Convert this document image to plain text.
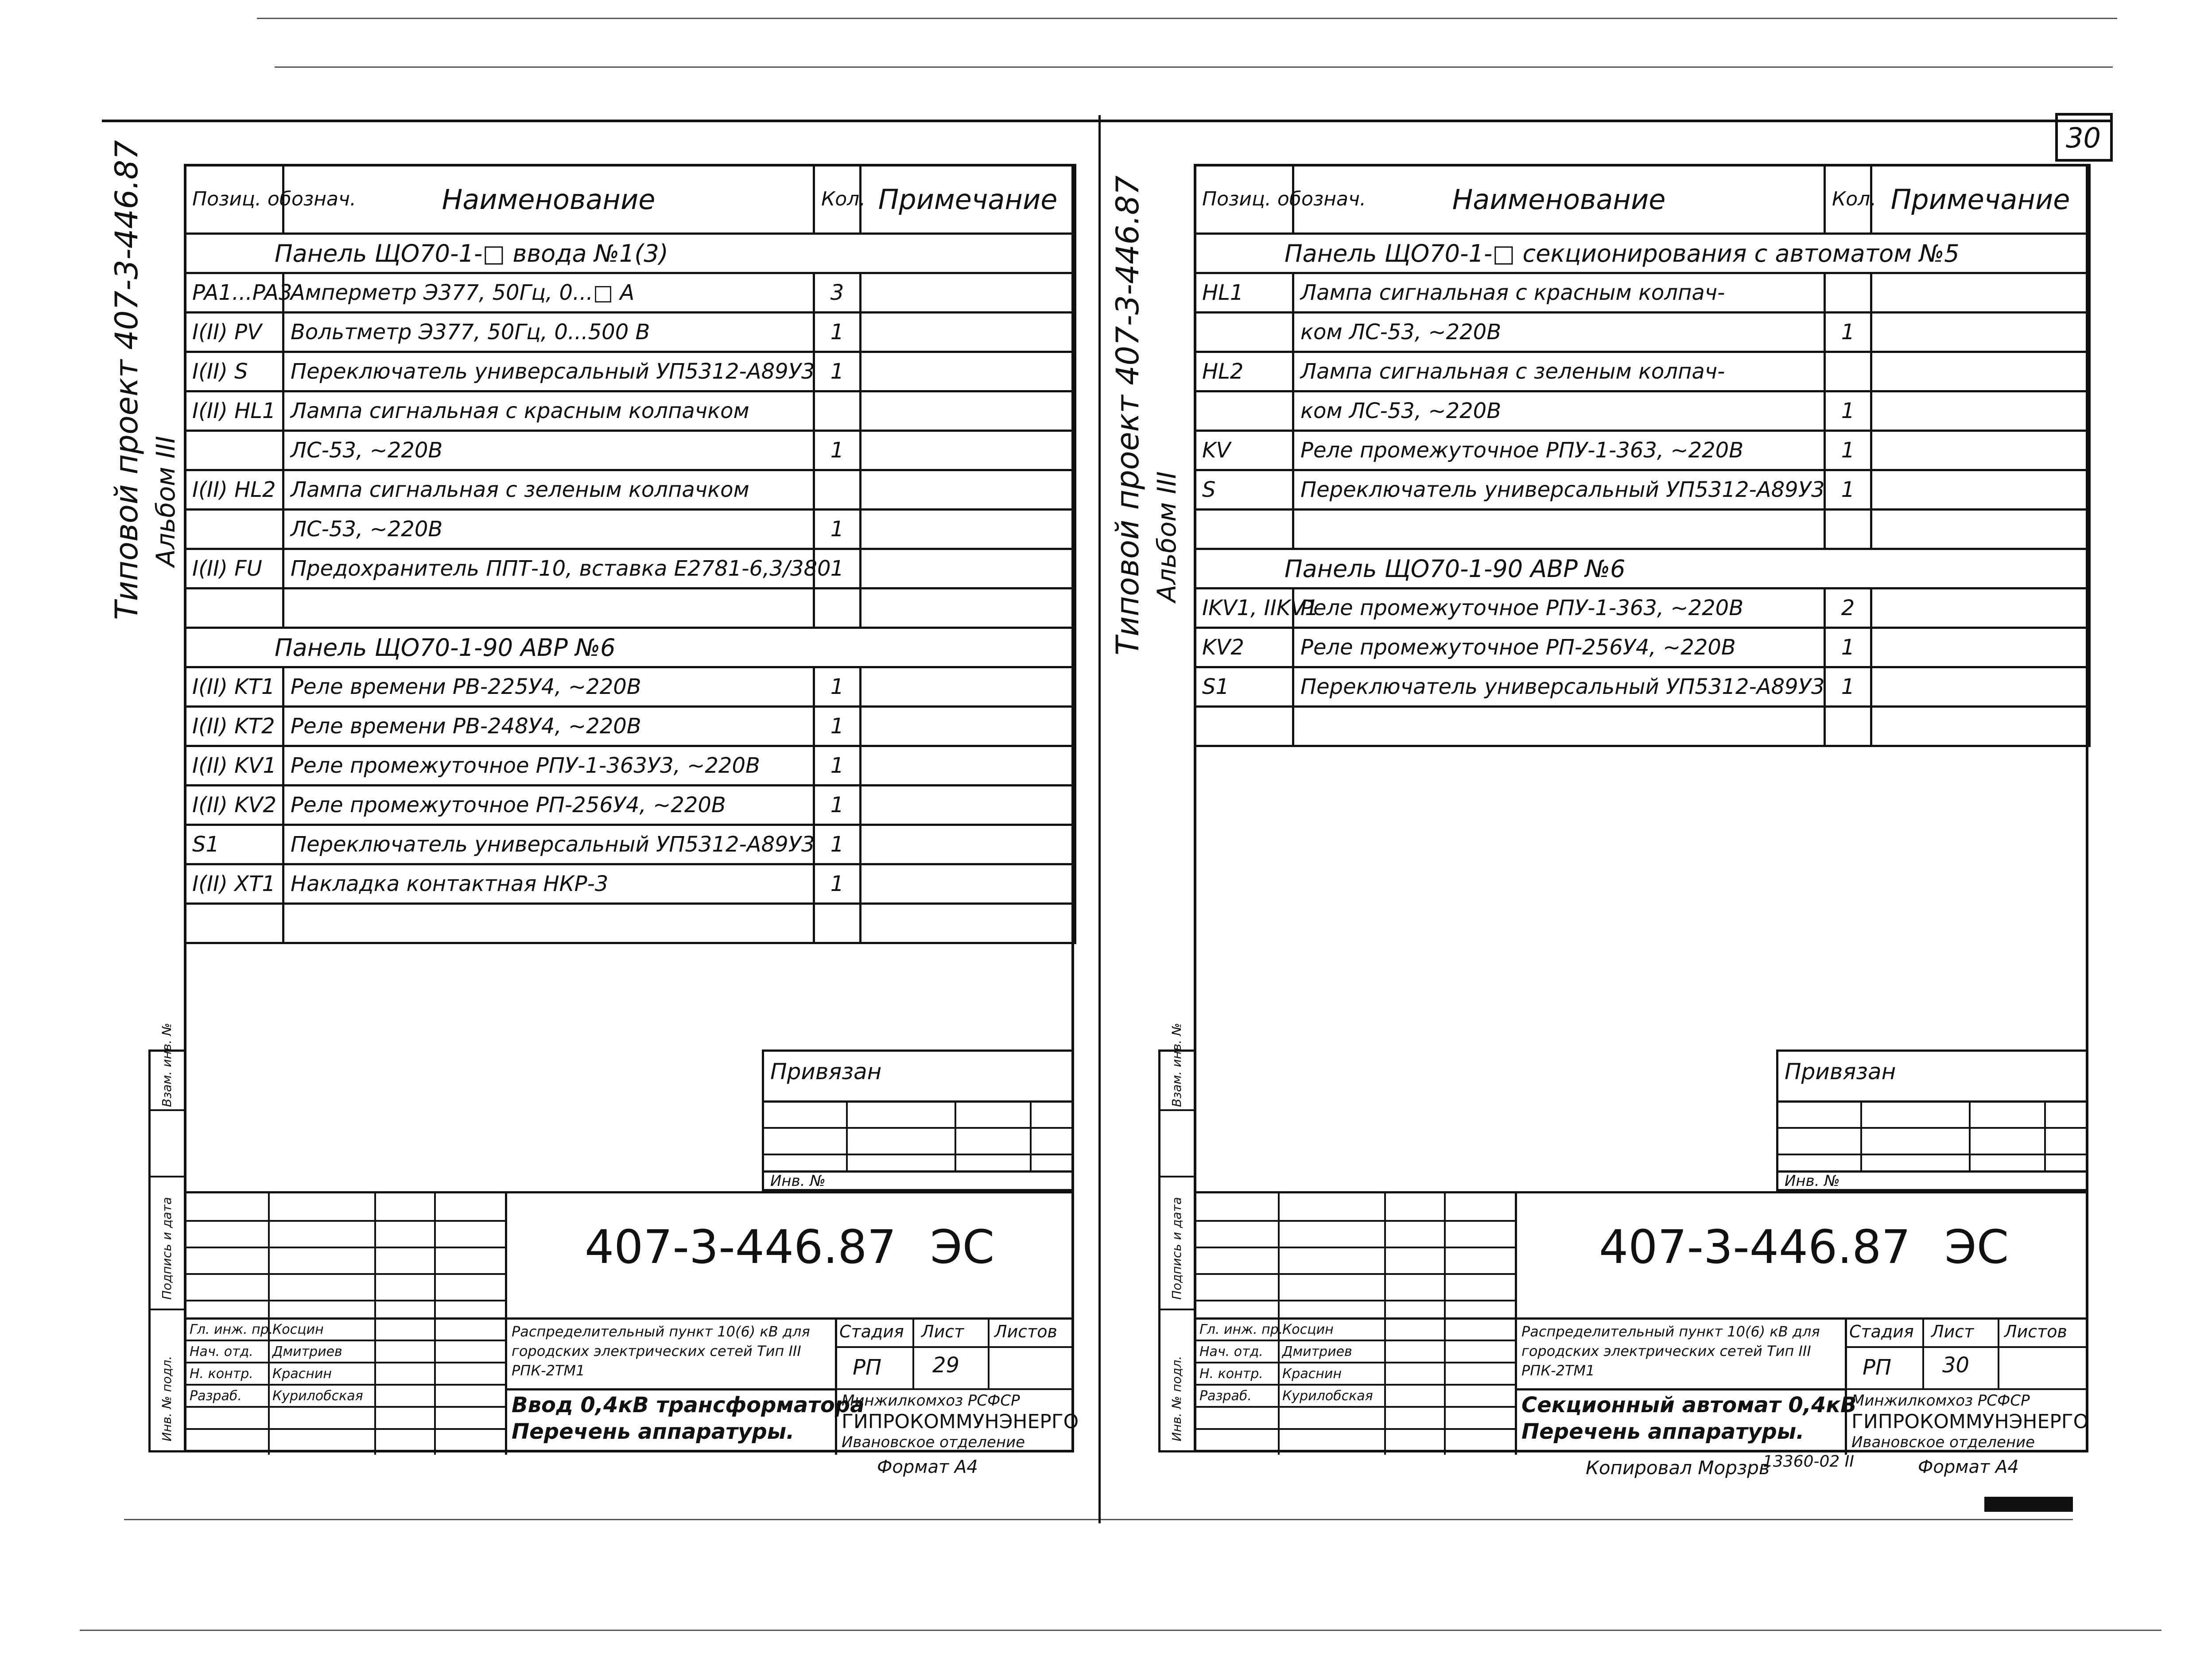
30
Типовой проект 407-3-446.87 Альбом III	Типовой проект 407-3-446.87 Альбом III
Позиц. обознач.	Наименование	Кол.	Примечание
Панель ЩО70-1-□ ввода №1(3)			
PA1...PA3	Амперметр Э377, 50Гц, 0...□ А	3	
I(II) PV	Вольтметр Э377, 50Гц, 0...500 В	1	
I(II) S	Переключатель универсальный УП5312-А89У3	1	
I(II) HL1	Лампа сигнальная с красным колпачком		
	ЛС-53, ~220В	1	
I(II) HL2	Лампа сигнальная с зеленым колпачком		
	ЛС-53, ~220В	1	
I(II) FU	Предохранитель ППТ-10, вставка Е2781-6,3/380	1	

Панель ЩО70-1-90 АВР №6			
I(II) KT1	Реле времени РВ-225У4, ~220В	1	
I(II) KT2	Реле времени РВ-248У4, ~220В	1	
I(II) KV1	Реле промежуточное РПУ-1-363У3, ~220В	1	
I(II) KV2	Реле промежуточное РП-256У4, ~220В	1	
S1	Переключатель универсальный УП5312-А89У3	1	
I(II) XT1	Накладка контактная НКР-3	1	

Привязан
Инв. №
Взам. инв. №
Подпись и дата
Инв. № подл.
407-3-446.87 ЭС
Гл. инж. пр.
Косцин
Нач. отд. Дмитриев
Н. контр. Краснин
Разраб. Курилобская
Распределительный пункт 10(6) кВ для городских электрических сетей Тип III РПК-2ТМ1
Стадия Лист Листов
РП 29
Ввод 0,4кВ трансформатора
Перечень аппаратуры.
Минжилкомхоз РСФСР
ГИПРОКОММУНЭНЕРГО
Ивановское отделение
Формат А4
Позиц. обознач.	Наименование	Кол.	Примечание
Панель ЩО70-1-□ секционирования с автоматом №5			
HL1	Лампа сигнальная с красным колпач-		
	ком ЛС-53, ~220В	1	
HL2	Лампа сигнальная с зеленым колпач-		
	ком ЛС-53, ~220В	1	
KV	Реле промежуточное РПУ-1-363, ~220В	1	
S	Переключатель универсальный УП5312-А89У3	1	

Панель ЩО70-1-90 АВР №6			
IKV1, IIKV1	Реле промежуточное РПУ-1-363, ~220В	2	
KV2	Реле промежуточное РП-256У4, ~220В	1	
S1	Переключатель универсальный УП5312-А89У3	1	

Привязан
Инв. №
Взам. инв. №
Подпись и дата
Инв. № подл.
407-3-446.87 ЭС
Гл. инж. пр.
Косцин
Нач. отд. Дмитриев
Н. контр. Краснин
Разраб. Курилобская
Распределительный пункт 10(6) кВ для городских электрических сетей Тип III РПК-2ТМ1
Стадия Лист Листов
РП 30
Секционный автомат 0,4кВ
Перечень аппаратуры.
Минжилкомхоз РСФСР
ГИПРОКОММУНЭНЕРГО
Ивановское отделение
Копировал Морзрв
13360-02 II	Формат А4
